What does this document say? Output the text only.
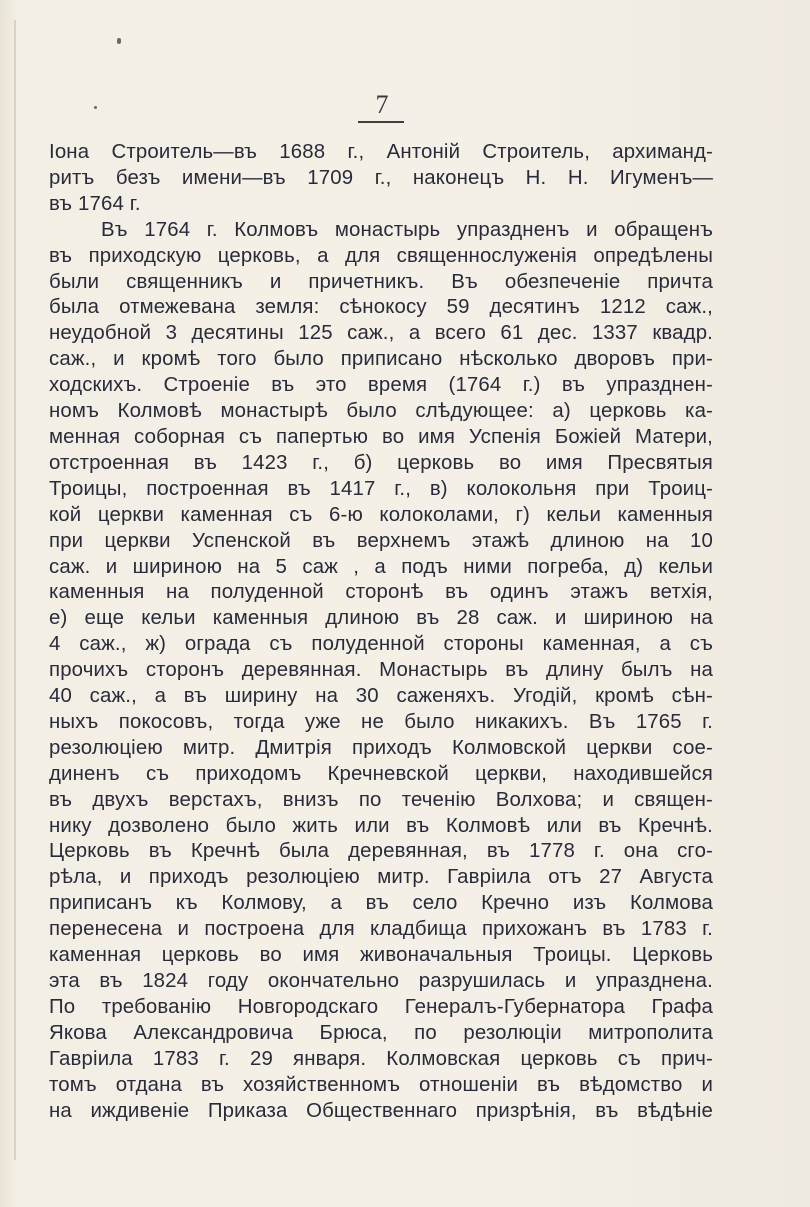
7
Іона Строитель—въ 1688 г., Антоній Строитель, архиманд-
ритъ безъ имени—въ 1709 г., наконецъ Н. Н. Игуменъ—
въ 1764 г.
Въ 1764 г. Колмовъ монастырь упраздненъ и обращенъ
въ приходскую церковь, а для священнослуженія опредѣлены
были священникъ и причетникъ. Въ обезпеченіе причта
была отмежевана земля: сѣнокосу 59 десятинъ 1212 саж.,
неудобной 3 десятины 125 саж., а всего 61 дес. 1337 квадр.
саж., и кромѣ того было приписано нѣсколько дворовъ при-
ходскихъ. Строеніе въ это время (1764 г.) въ упразднен-
номъ Колмовѣ монастырѣ было слѣдующее: а) церковь ка-
менная соборная съ папертью во имя Успенія Божіей Матери,
отстроенная въ 1423 г., б) церковь во имя Пресвятыя
Троицы, построенная въ 1417 г., в) колокольня при Троиц-
кой церкви каменная съ 6-ю колоколами, г) кельи каменныя
при церкви Успенской въ верхнемъ этажѣ длиною на 10
саж. и шириною на 5 саж , а подъ ними погреба, д) кельи
каменныя на полуденной сторонѣ въ одинъ этажъ ветхія,
е) еще кельи каменныя длиною въ 28 саж. и шириною на
4 саж., ж) ограда съ полуденной стороны каменная, а съ
прочихъ сторонъ деревянная. Монастырь въ длину былъ на
40 саж., а въ ширину на 30 саженяхъ. Угодій, кромѣ сѣн-
ныхъ покосовъ, тогда уже не было никакихъ. Въ 1765 г.
резолюціею митр. Дмитрія приходъ Колмовской церкви сое-
диненъ съ приходомъ Кречневской церкви, находившейся
въ двухъ верстахъ, внизъ по теченію Волхова; и священ-
нику дозволено было жить или въ Колмовѣ или въ Кречнѣ.
Церковь въ Кречнѣ была деревянная, въ 1778 г. она сго-
рѣла, и приходъ резолюціею митр. Гавріила отъ 27 Августа
приписанъ къ Колмову, а въ село Кречно изъ Колмова
перенесена и построена для кладбища прихожанъ въ 1783 г.
каменная церковь во имя живоначальныя Троицы. Церковь
эта въ 1824 году окончательно разрушилась и упразднена.
По требованію Новгородскаго Генералъ-Губернатора Графа
Якова Александровича Брюса, по резолюціи митрополита
Гавріила 1783 г. 29 января. Колмовская церковь съ прич-
томъ отдана въ хозяйственномъ отношеніи въ вѣдомство и
на иждивеніе Приказа Общественнаго призрѣнія, въ вѣдѣніе
